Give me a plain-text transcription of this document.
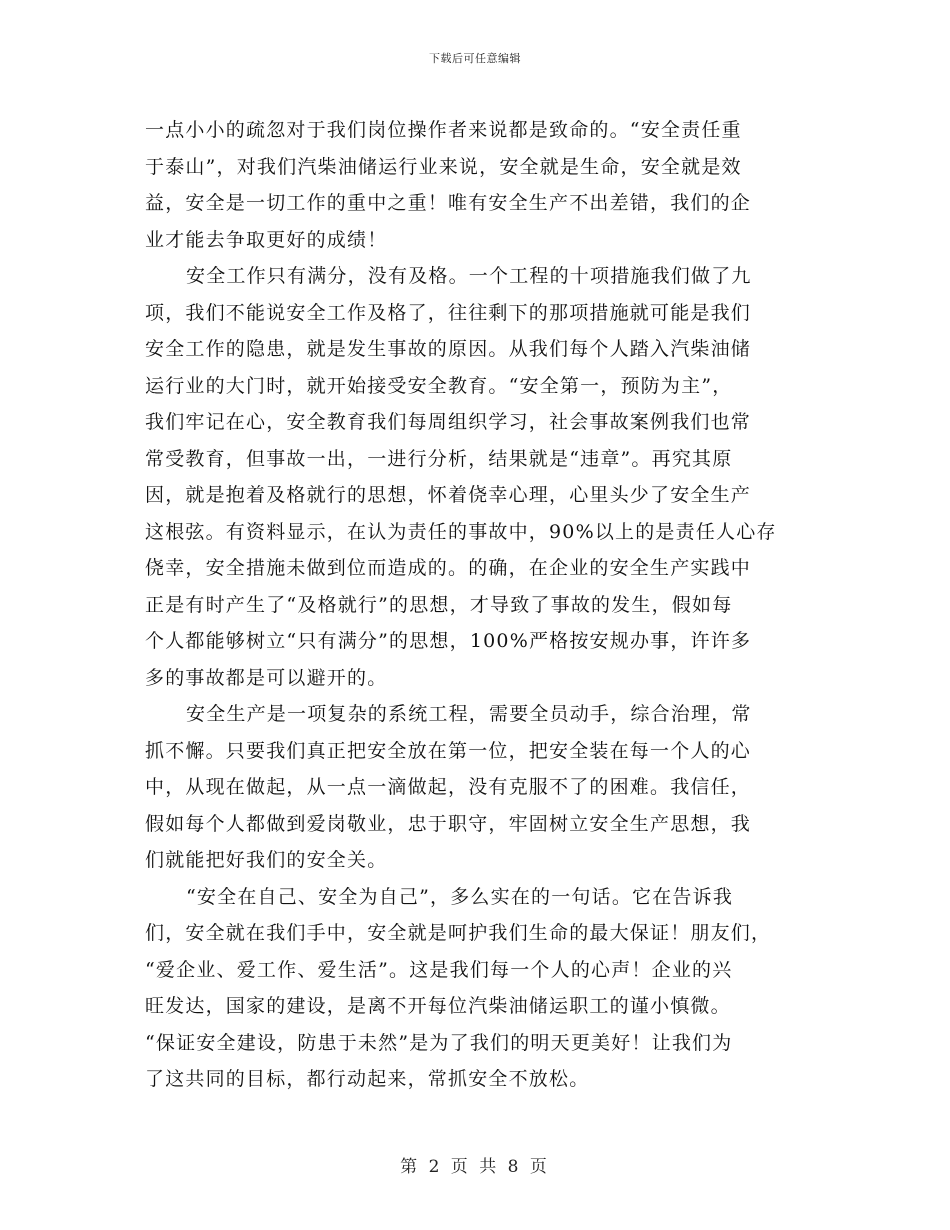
下载后可任意编辑
一点小小的疏忽对于我们岗位操作者来说都是致命的。“安全责任重
于泰山”，对我们汽柴油储运行业来说，安全就是生命，安全就是效
益，安全是一切工作的重中之重！唯有安全生产不出差错，我们的企
业才能去争取更好的成绩！
安全工作只有满分，没有及格。一个工程的十项措施我们做了九
项，我们不能说安全工作及格了，往往剩下的那项措施就可能是我们
安全工作的隐患，就是发生事故的原因。从我们每个人踏入汽柴油储
运行业的大门时，就开始接受安全教育。“安全第一，预防为主”，
我们牢记在心，安全教育我们每周组织学习，社会事故案例我们也常
常受教育，但事故一出，一进行分析，结果就是“违章”。再究其原
因，就是抱着及格就行的思想，怀着侥幸心理，心里头少了安全生产
这根弦。有资料显示，在认为责任的事故中，90%以上的是责任人心存
侥幸，安全措施未做到位而造成的。的确，在企业的安全生产实践中
正是有时产生了“及格就行”的思想，才导致了事故的发生，假如每
个人都能够树立“只有满分”的思想，100%严格按安规办事，许许多
多的事故都是可以避开的。
安全生产是一项复杂的系统工程，需要全员动手，综合治理，常
抓不懈。只要我们真正把安全放在第一位，把安全装在每一个人的心
中，从现在做起，从一点一滴做起，没有克服不了的困难。我信任，
假如每个人都做到爱岗敬业，忠于职守，牢固树立安全生产思想，我
们就能把好我们的安全关。
“安全在自己、安全为自己”，多么实在的一句话。它在告诉我
们，安全就在我们手中，安全就是呵护我们生命的最大保证！朋友们，
“爱企业、爱工作、爱生活”。这是我们每一个人的心声！企业的兴
旺发达，国家的建设，是离不开每位汽柴油储运职工的谨小慎微。
“保证安全建设，防患于未然”是为了我们的明天更美好！让我们为
了这共同的目标，都行动起来，常抓安全不放松。
第 2 页 共 8 页
